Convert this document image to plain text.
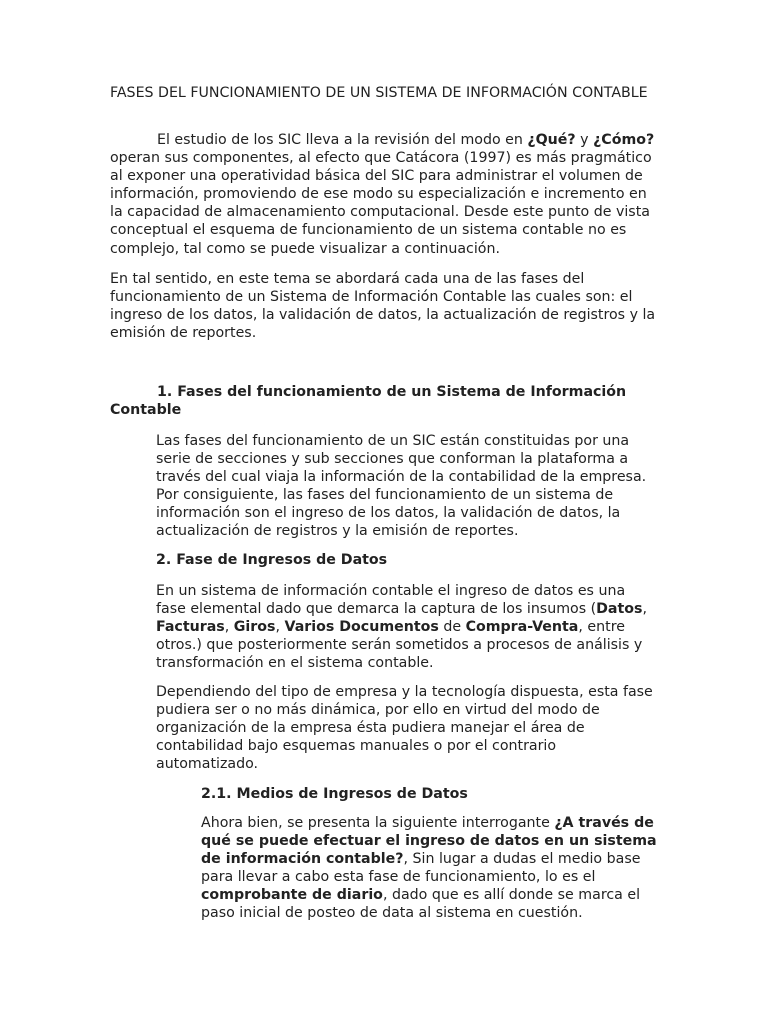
FASES DEL FUNCIONAMIENTO DE UN SISTEMA DE INFORMACIÓN CONTABLE

El estudio de los SIC lleva a la revisión del modo en ¿Qué? y ¿Cómo? operan sus componentes, al efecto que Catácora (1997) es más pragmático al exponer una operatividad básica del SIC para administrar el volumen de información, promoviendo de ese modo su especialización e incremento en la capacidad de almacenamiento computacional. Desde este punto de vista conceptual el esquema de funcionamiento de un sistema contable no es complejo, tal como se puede visualizar a continuación.

En tal sentido, en este tema se abordará cada una de las fases del funcionamiento de un Sistema de Información Contable las cuales son: el ingreso de los datos, la validación de datos, la actualización de registros y la emisión de reportes.

1. Fases del funcionamiento de un Sistema de Información Contable

Las fases del funcionamiento de un SIC están constituidas por una serie de secciones y sub secciones que conforman la plataforma a través del cual viaja la información de la contabilidad de la empresa. Por consiguiente, las fases del funcionamiento de un sistema de información son el ingreso de los datos, la validación de datos, la actualización de registros y la emisión de reportes.

2. Fase de Ingresos de Datos

En un sistema de información contable el ingreso de datos es una fase elemental dado que demarca la captura de los insumos (Datos, Facturas, Giros, Varios Documentos de Compra-Venta, entre otros.) que posteriormente serán sometidos a procesos de análisis y transformación en el sistema contable.

Dependiendo del tipo de empresa y la tecnología dispuesta, esta fase pudiera ser o no más dinámica, por ello en virtud del modo de organización de la empresa ésta pudiera manejar el área de contabilidad bajo esquemas manuales o por el contrario automatizado.

2.1. Medios de Ingresos de Datos

Ahora bien, se presenta la siguiente interrogante ¿A través de qué se puede efectuar el ingreso de datos en un sistema de información contable?, Sin lugar a dudas el medio base para llevar a cabo esta fase de funcionamiento, lo es el comprobante de diario, dado que es allí donde se marca el paso inicial de posteo de data al sistema en cuestión.
